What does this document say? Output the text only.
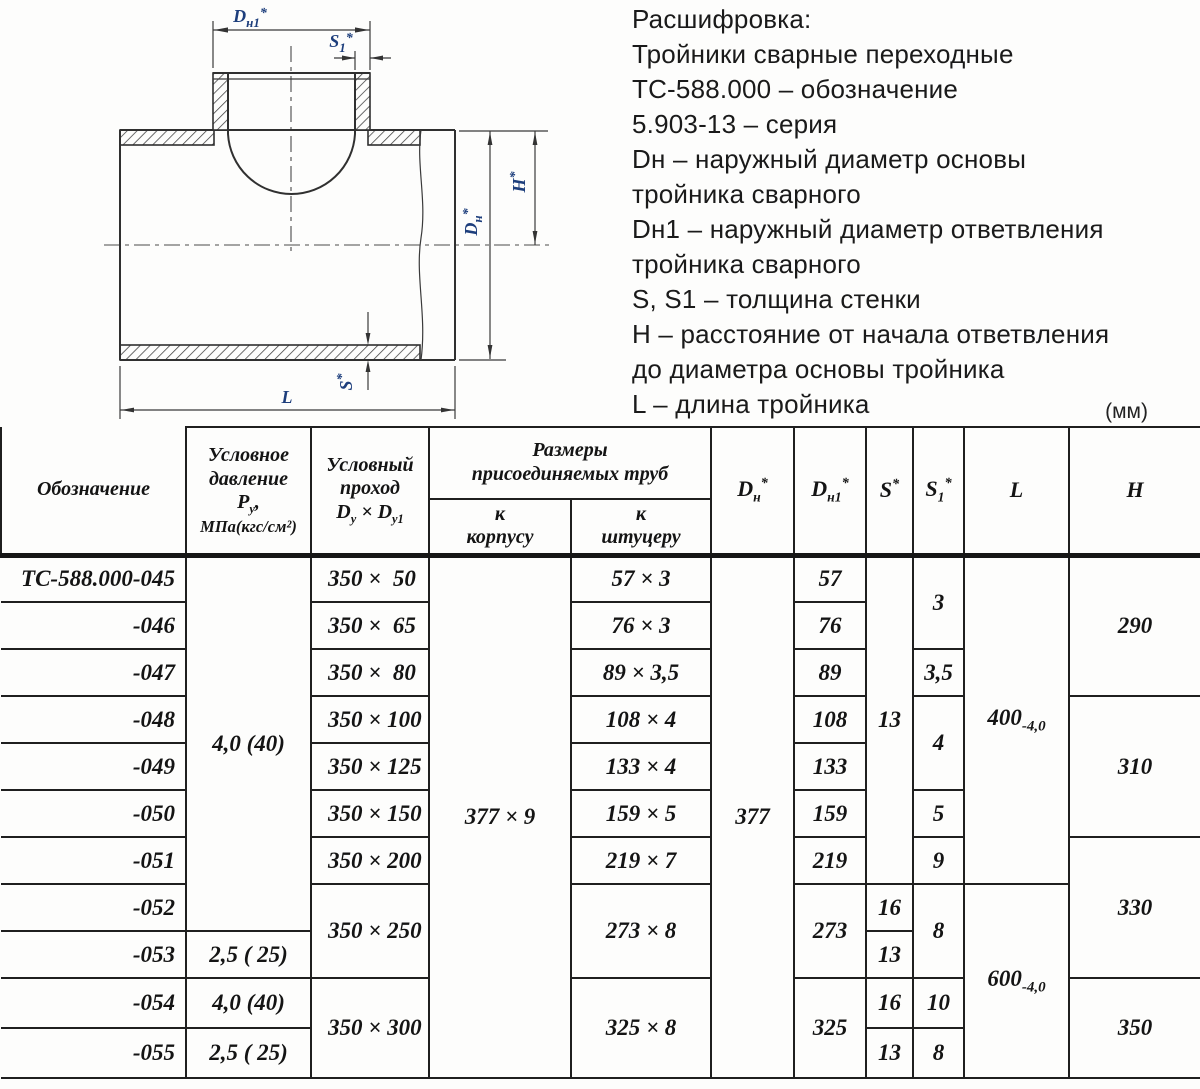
$D_{н1}^*$
$S_1^*$
H*
$D_н^*$
S*
L
Расшифровка:
Тройники сварные переходные
ТС-588.000 – обозначение
5.903-13 – серия
Dн – наружный диаметр основы
тройника сварного
Dн1 – наружный диаметр ответвления
тройника сварного
S, S1 – толщина стенки
Н – расстояние от начала ответвления
до диаметра основы тройника
L – длина тройника	(мм)
Обозначение	
Условное
давление
$Р_у$,
МПа(кгс/см²)

Условный
проход
$D_у \times D_{у1}$

Размеры
присоединяемых труб
	$D_н^*$	$D_{н1}^*$	S*	$S_1^*$	L	H

к
корпусу

к
штуцеру

ТС-588.000-045	4,0 (40)	350 ×  50	377 × 9	57 × 3	377	57	13	3	$400_{-4,0}$	290
-046		350 ×  65		76 × 3		76				
-047		350 ×  80		89 × 3,5		89		3,5		
-048		350 × 100		108 × 4		108		4		310
-049		350 × 125		133 × 4		133				
-050		350 × 150		159 × 5		159		5		
-051		350 × 200		219 × 7		219		9		330
-052		350 × 250		273 × 8		273	16	8	$600_{-4,0}$
-053	2,5 ( 25)						13			
-054	4,0 (40)	350 × 300		325 × 8		325	16	10		350
-055	2,5 ( 25)						13	8		
